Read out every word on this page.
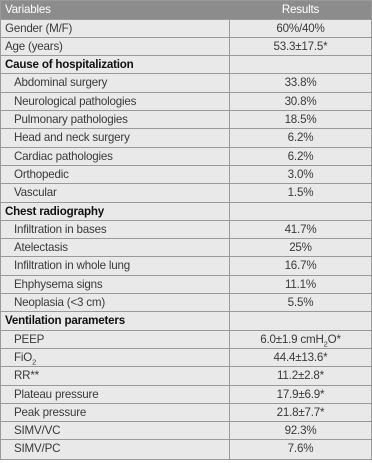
Variables	Results
Gender (M/F)	60%/40%
Age (years)	53.3±17.5*
Cause of hospitalization
Abdominal surgery	33.8%
Neurological pathologies	30.8%
Pulmonary pathologies	18.5%
Head and neck surgery	6.2%
Cardiac pathologies	6.2%
Orthopedic	3.0%
Vascular	1.5%
Chest radiography
Infiltration in bases	41.7%
Atelectasis	25%
Infiltration in whole lung	16.7%
Ehphysema signs	11.1%
Neoplasia (<3 cm)	5.5%
Ventilation parameters
PEEP	6.0±1.9 cmH$_2$O*
FiO$_2$	44.4±13.6*
RR**	11.2±2.8*
Plateau pressure	17.9±6.9*
Peak pressure	21.8±7.7*
SIMV/VC	92.3%
SIMV/PC	7.6%
